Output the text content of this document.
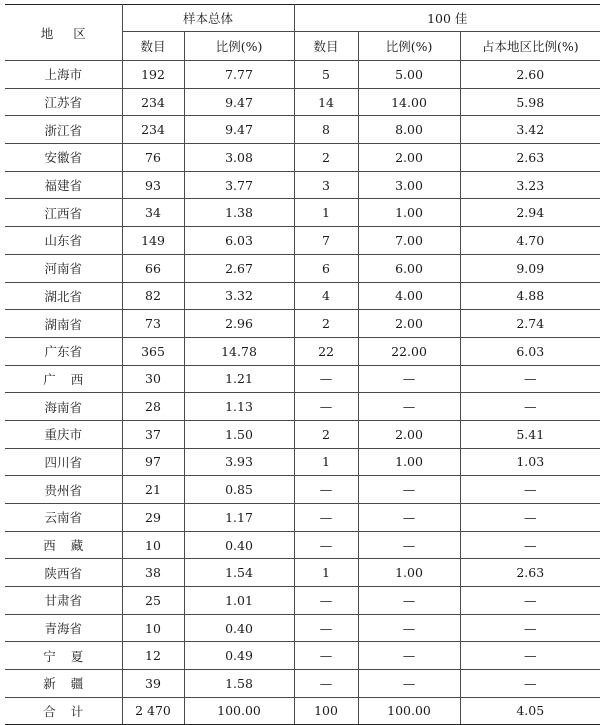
地区	样本总体		100 佳		
	数目	比例(%)	数目	比例(%)	占本地区比例(%)
上海市	192	7.77	5	5.00	2.60
江苏省	234	9.47	14	14.00	5.98
浙江省	234	9.47	8	8.00	3.42
安徽省	76	3.08	2	2.00	2.63
福建省	93	3.77	3	3.00	3.23
江西省	34	1.38	1	1.00	2.94
山东省	149	6.03	7	7.00	4.70
河南省	66	2.67	6	6.00	9.09
湖北省	82	3.32	4	4.00	4.88
湖南省	73	2.96	2	2.00	2.74
广东省	365	14.78	22	22.00	6.03
广西	30	1.21	—	—	—
海南省	28	1.13	—	—	—
重庆市	37	1.50	2	2.00	5.41
四川省	97	3.93	1	1.00	1.03
贵州省	21	0.85	—	—	—
云南省	29	1.17	—	—	—
西藏	10	0.40	—	—	—
陕西省	38	1.54	1	1.00	2.63
甘肃省	25	1.01	—	—	—
青海省	10	0.40	—	—	—
宁夏	12	0.49	—	—	—
新疆	39	1.58	—	—	—
合计	2 470	100.00	100	100.00	4.05
